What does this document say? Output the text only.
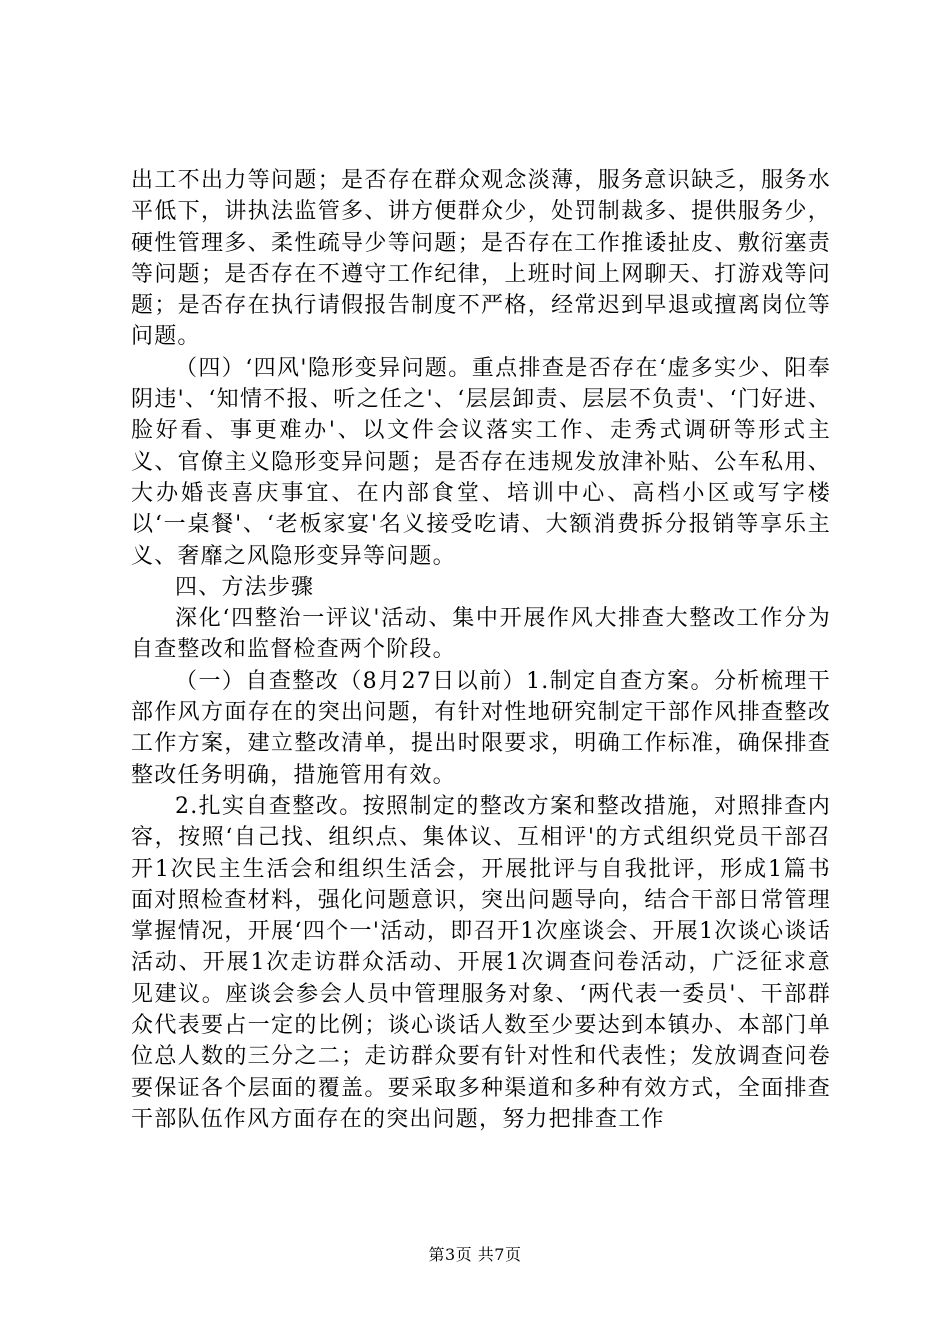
出工不出力等问题；是否存在群众观念淡薄，服务意识缺乏，服务水平低下，讲执法监管多、讲方便群众少，处罚制裁多、提供服务少，硬性管理多、柔性疏导少等问题；是否存在工作推诿扯皮、敷衍塞责等问题；是否存在不遵守工作纪律，上班时间上网聊天、打游戏等问题；是否存在执行请假报告制度不严格，经常迟到早退或擅离岗位等问题。

（四）‘四风'隐形变异问题。重点排查是否存在‘虚多实少、阳奉阴违'、‘知情不报、听之任之'、‘层层卸责、层层不负责'、‘门好进、脸好看、事更难办'、以文件会议落实工作、走秀式调研等形式主义、官僚主义隐形变异问题；是否存在违规发放津补贴、公车私用、大办婚丧喜庆事宜、在内部食堂、培训中心、高档小区或写字楼以‘一桌餐'、‘老板家宴'名义接受吃请、大额消费拆分报销等享乐主义、奢靡之风隐形变异等问题。

四、方法步骤

深化‘四整治一评议'活动、集中开展作风大排查大整改工作分为自查整改和监督检查两个阶段。

（一）自查整改（8月27日以前）1.制定自查方案。分析梳理干部作风方面存在的突出问题，有针对性地研究制定干部作风排查整改工作方案，建立整改清单，提出时限要求，明确工作标准，确保排查整改任务明确，措施管用有效。

2.扎实自查整改。按照制定的整改方案和整改措施，对照排查内容，按照‘自己找、组织点、集体议、互相评'的方式组织党员干部召开1次民主生活会和组织生活会，开展批评与自我批评，形成1篇书面对照检查材料，强化问题意识，突出问题导向，结合干部日常管理掌握情况，开展‘四个一'活动，即召开1次座谈会、开展1次谈心谈话活动、开展1次走访群众活动、开展1次调查问卷活动，广泛征求意见建议。座谈会参会人员中管理服务对象、‘两代表一委员'、干部群众代表要占一定的比例；谈心谈话人数至少要达到本镇办、本部门单位总人数的三分之二；走访群众要有针对性和代表性；发放调查问卷要保证各个层面的覆盖。要采取多种渠道和多种有效方式，全面排查干部队伍作风方面存在的突出问题，努力把排查工作

第3页 共7页
